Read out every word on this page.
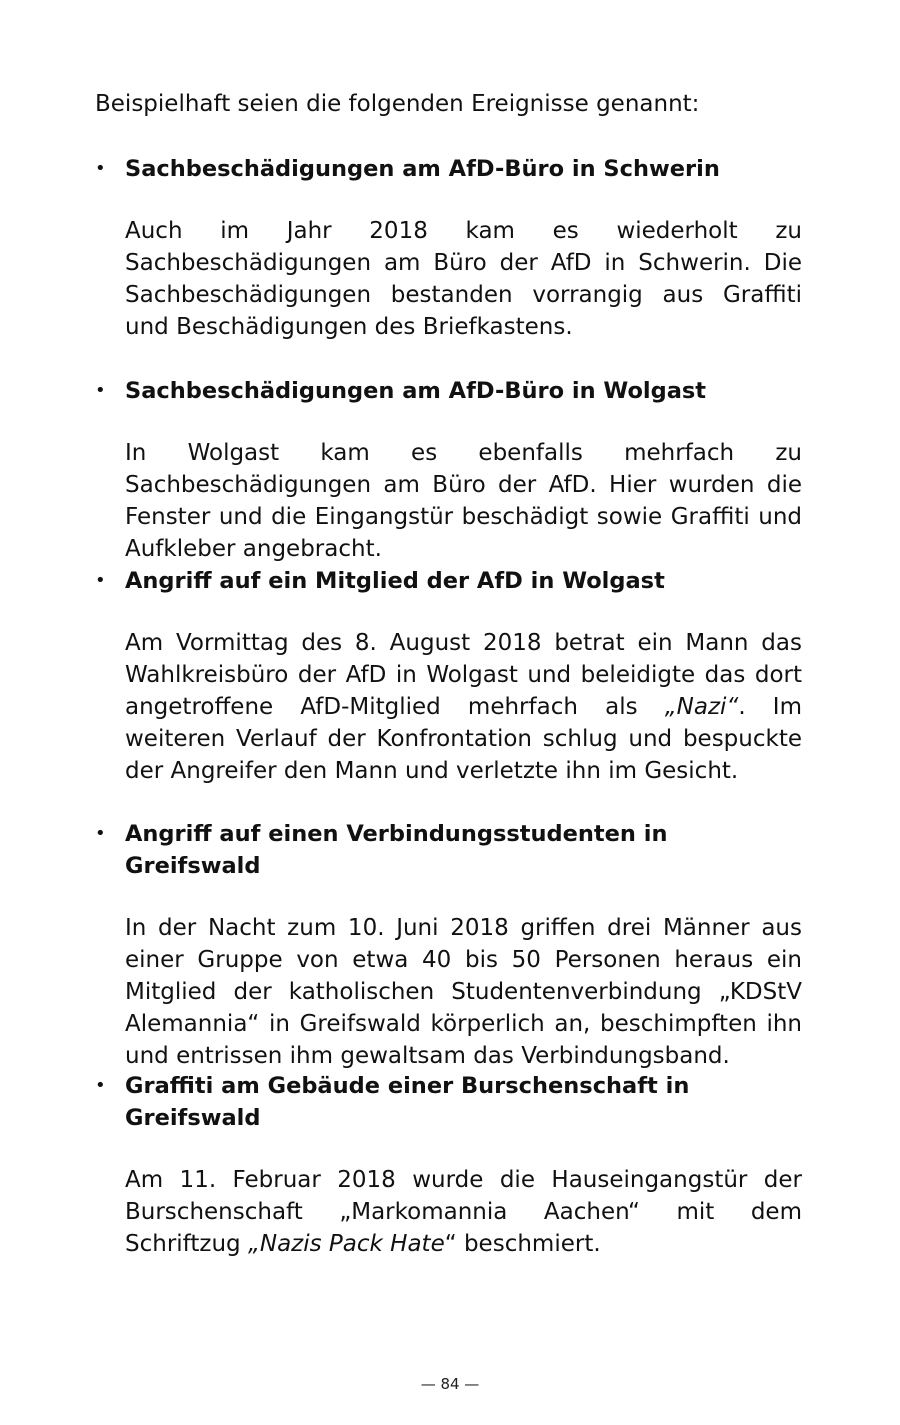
Beispielhaft seien die folgenden Ereignisse genannt:

• Sachbeschädigungen am AfD-Büro in Schwerin

Auch im Jahr 2018 kam es wiederholt zu Sachbeschädigungen am Büro der AfD in Schwerin. Die Sachbeschädigungen bestanden vorrangig aus Graffiti und Beschädigungen des Briefkastens.

• Sachbeschädigungen am AfD-Büro in Wolgast

In Wolgast kam es ebenfalls mehrfach zu Sachbeschädigungen am Büro der AfD. Hier wurden die Fenster und die Eingangstür beschädigt sowie Graffiti und Aufkleber angebracht.

• Angriff auf ein Mitglied der AfD in Wolgast

Am Vormittag des 8. August 2018 betrat ein Mann das Wahlkreisbüro der AfD in Wolgast und beleidigte das dort angetroffene AfD-Mitglied mehrfach als „Nazi“. Im weiteren Verlauf der Konfrontation schlug und bespuckte der Angreifer den Mann und verletzte ihn im Gesicht.

• Angriff auf einen Verbindungsstudenten in Greifswald

In der Nacht zum 10. Juni 2018 griffen drei Männer aus einer Gruppe von etwa 40 bis 50 Personen heraus ein Mitglied der katholischen Studentenverbindung „KDStV Alemannia“ in Greifswald körperlich an, beschimpften ihn und entrissen ihm gewaltsam das Verbindungsband.

• Graffiti am Gebäude einer Burschenschaft in Greifswald

Am 11. Februar 2018 wurde die Hauseingangstür der Burschenschaft „Markomannia Aachen“ mit dem Schriftzug „Nazis Pack Hate“ beschmiert.

— 84 —
